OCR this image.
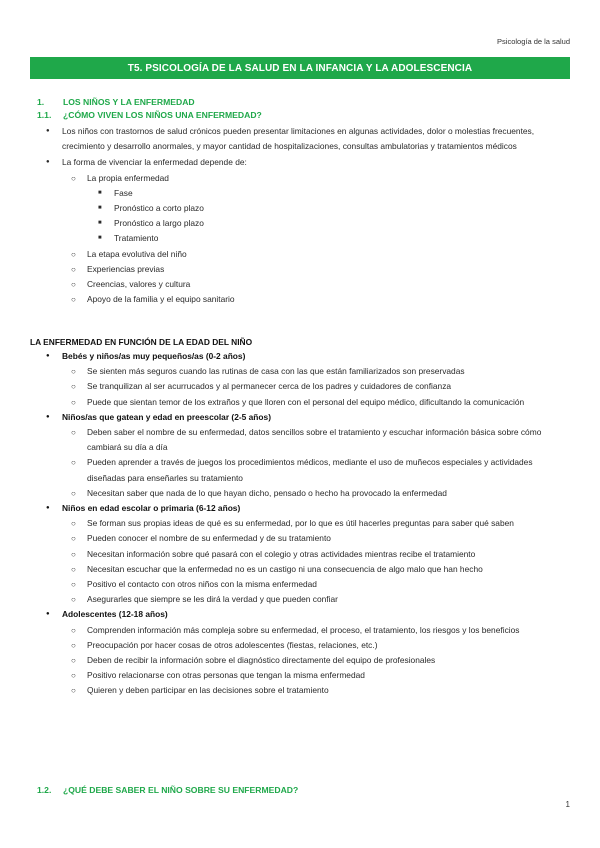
Psicología de la salud
T5. PSICOLOGÍA DE LA SALUD EN LA INFANCIA Y LA ADOLESCENCIA
1. LOS NIÑOS Y LA ENFERMEDAD
1.1. ¿CÓMO VIVEN LOS NIÑOS UNA ENFERMEDAD?
● Los niños con trastornos de salud crónicos pueden presentar limitaciones en algunas actividades, dolor o molestias frecuentes, crecimiento y desarrollo anormales, y mayor cantidad de hospitalizaciones, consultas ambulatorias y tratamientos médicos
● La forma de vivenciar la enfermedad depende de:
○ La propia enfermedad
■ Fase
■ Pronóstico a corto plazo
■ Pronóstico a largo plazo
■ Tratamiento
○ La etapa evolutiva del niño
○ Experiencias previas
○ Creencias, valores y cultura
○ Apoyo de la familia y el equipo sanitario
LA ENFERMEDAD EN FUNCIÓN DE LA EDAD DEL NIÑO
● Bebés y niños/as muy pequeños/as (0-2 años)
○ Se sienten más seguros cuando las rutinas de casa con las que están familiarizados son preservadas
○ Se tranquilizan al ser acurrucados y al permanecer cerca de los padres y cuidadores de confianza
○ Puede que sientan temor de los extraños y que lloren con el personal del equipo médico, dificultando la comunicación
● Niños/as que gatean y edad en preescolar (2-5 años)
○ Deben saber el nombre de su enfermedad, datos sencillos sobre el tratamiento y escuchar información básica sobre cómo cambiará su día a día
○ Pueden aprender a través de juegos los procedimientos médicos, mediante el uso de muñecos especiales y actividades diseñadas para enseñarles su tratamiento
○ Necesitan saber que nada de lo que hayan dicho, pensado o hecho ha provocado la enfermedad
● Niños en edad escolar o primaria (6-12 años)
○ Se forman sus propias ideas de qué es su enfermedad, por lo que es útil hacerles preguntas para saber qué saben
○ Pueden conocer el nombre de su enfermedad y de su tratamiento
○ Necesitan información sobre qué pasará con el colegio y otras actividades mientras recibe el tratamiento
○ Necesitan escuchar que la enfermedad no es un castigo ni una consecuencia de algo malo que han hecho
○ Positivo el contacto con otros niños con la misma enfermedad
○ Asegurarles que siempre se les dirá la verdad y que pueden confiar
● Adolescentes (12-18 años)
○ Comprenden información más compleja sobre su enfermedad, el proceso, el tratamiento, los riesgos y los beneficios
○ Preocupación por hacer cosas de otros adolescentes (fiestas, relaciones, etc.)
○ Deben de recibir la información sobre el diagnóstico directamente del equipo de profesionales
○ Positivo relacionarse con otras personas que tengan la misma enfermedad
○ Quieren y deben participar en las decisiones sobre el tratamiento
1.2. ¿QUÉ DEBE SABER EL NIÑO SOBRE SU ENFERMEDAD?
1
